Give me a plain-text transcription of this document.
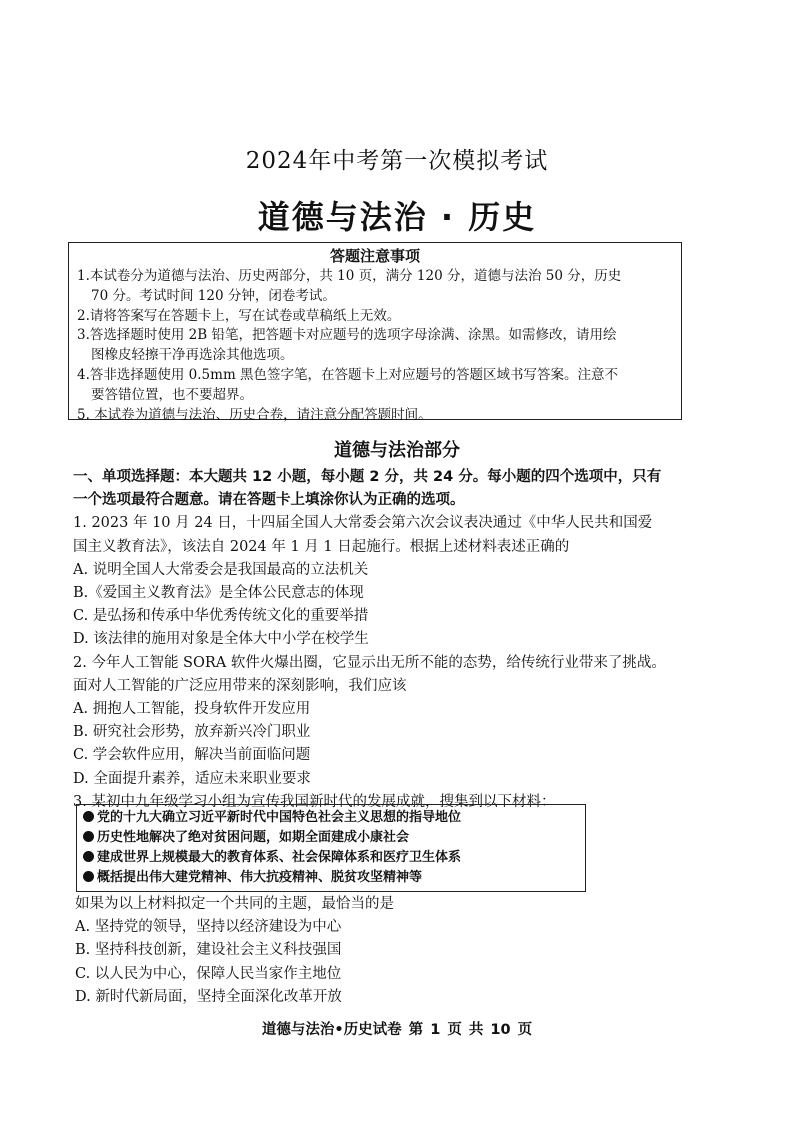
2024年中考第一次模拟考试
道德与法治 · 历史
答题注意事项
1.本试卷分为道德与法治、历史两部分，共 10 页，满分 120 分，道德与法治 50 分，历史
70 分。考试时间 120 分钟，闭卷考试。
2.请将答案写在答题卡上，写在试卷或草稿纸上无效。
3.答选择题时使用 2B 铅笔，把答题卡对应题号的选项字母涂满、涂黑。如需修改，请用绘
图橡皮轻擦干净再选涂其他选项。
4.答非选择题使用 0.5mm 黑色签字笔，在答题卡上对应题号的答题区域书写答案。注意不
要答错位置，也不要超界。
5. 本试卷为道德与法治、历史合卷，请注意分配答题时间。
道德与法治部分
一、单项选择题：本大题共 12 小题，每小题 2 分，共 24 分。每小题的四个选项中，只有
一个选项最符合题意。请在答题卡上填涂你认为正确的选项。
1. 2023 年 10 月 24 日，十四届全国人大常委会第六次会议表决通过《中华人民共和国爱
国主义教育法》，该法自 2024 年 1 月 1 日起施行。根据上述材料表述正确的
A. 说明全国人大常委会是我国最高的立法机关
B.《爱国主义教育法》是全体公民意志的体现
C. 是弘扬和传承中华优秀传统文化的重要举措
D. 该法律的施用对象是全体大中小学在校学生
2. 今年人工智能 SORA 软件火爆出圈，它显示出无所不能的态势，给传统行业带来了挑战。
面对人工智能的广泛应用带来的深刻影响，我们应该
A. 拥抱人工智能，投身软件开发应用
B. 研究社会形势，放弃新兴冷门职业
C. 学会软件应用，解决当前面临问题
D. 全面提升素养，适应未来职业要求
3. 某初中九年级学习小组为宣传我国新时代的发展成就，搜集到以下材料：
党的十九大确立习近平新时代中国特色社会主义思想的指导地位
历史性地解决了绝对贫困问题，如期全面建成小康社会
建成世界上规模最大的教育体系、社会保障体系和医疗卫生体系
概括提出伟大建党精神、伟大抗疫精神、脱贫攻坚精神等
如果为以上材料拟定一个共同的主题，最恰当的是
A. 坚持党的领导，坚持以经济建设为中心
B. 坚持科技创新，建设社会主义科技强国
C. 以人民为中心，保障人民当家作主地位
D. 新时代新局面，坚持全面深化改革开放
道德与法治•历史试卷 第 1 页 共 10 页
